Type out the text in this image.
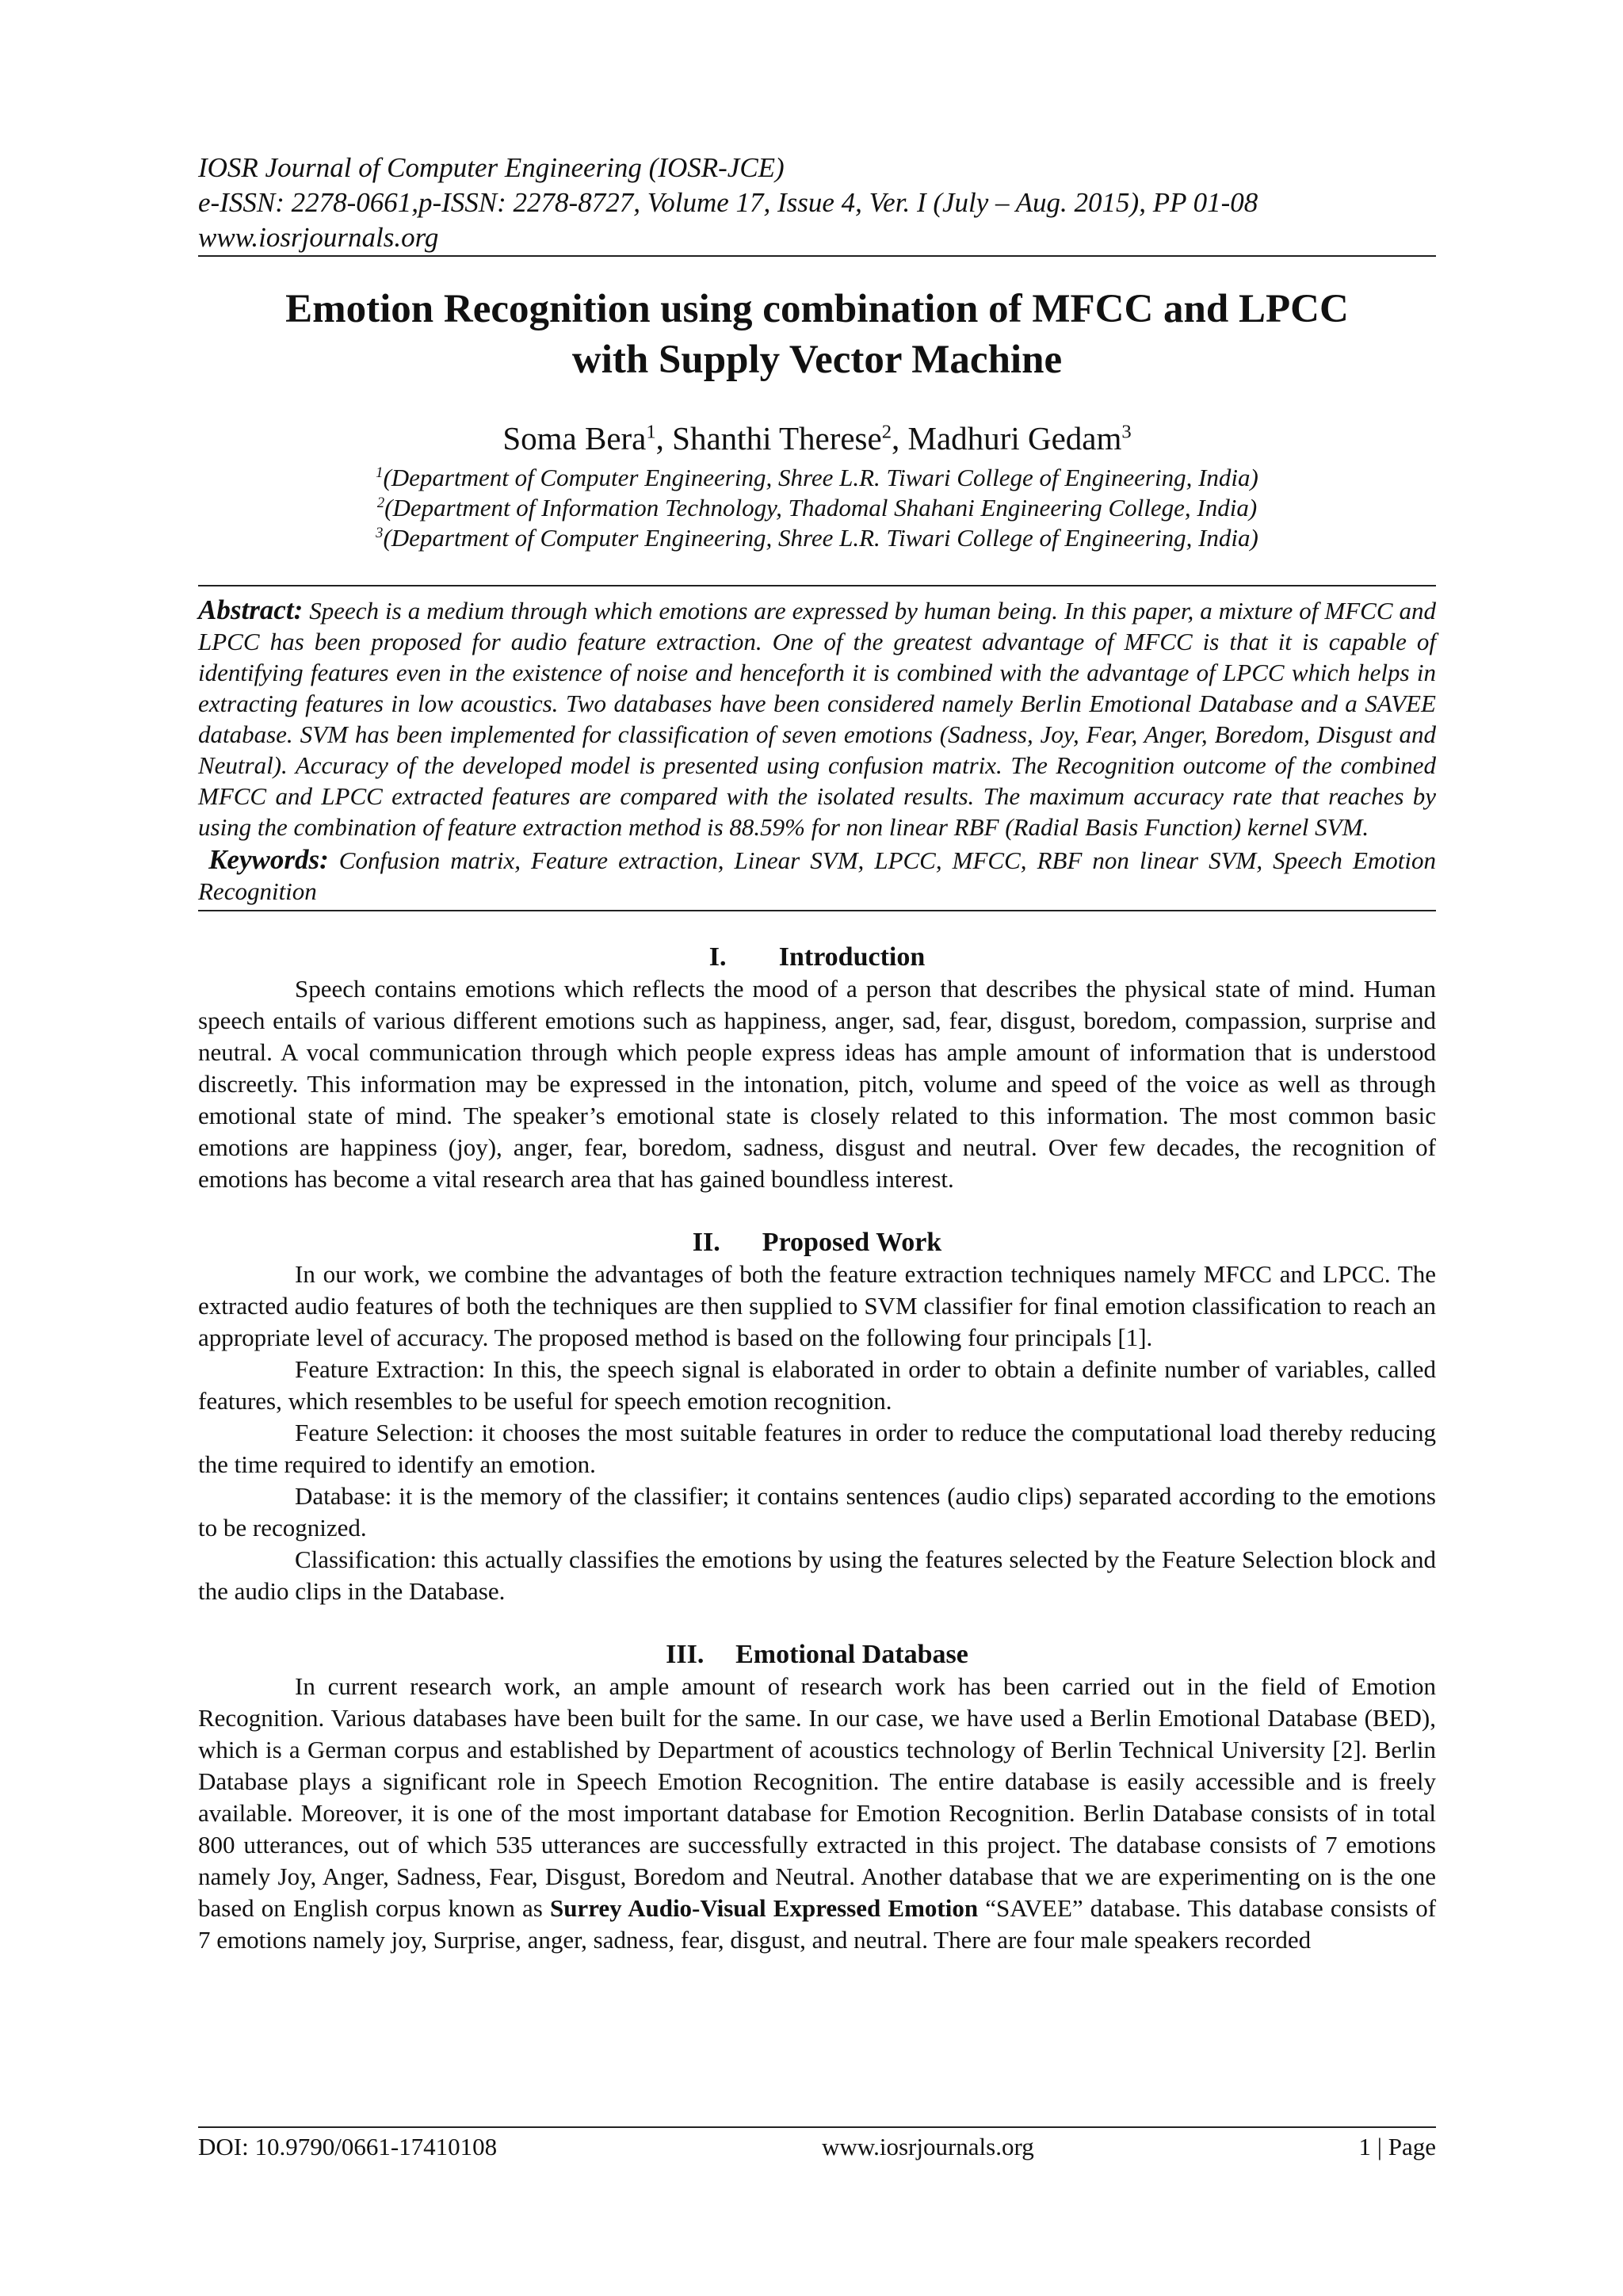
IOSR Journal of Computer Engineering (IOSR-JCE)
e-ISSN: 2278-0661,p-ISSN: 2278-8727, Volume 17, Issue 4, Ver. I (July – Aug. 2015), PP 01-08
www.iosrjournals.org
Emotion Recognition using combination of MFCC and LPCC
with Supply Vector Machine
Soma Bera$^1$, Shanthi Therese$^2$, Madhuri Gedam$^3$
$^1$(Department of Computer Engineering, Shree L.R. Tiwari College of Engineering, India)
$^2$(Department of Information Technology, Thadomal Shahani Engineering College, India)
$^3$(Department of Computer Engineering, Shree L.R. Tiwari College of Engineering, India)
Abstract: Speech is a medium through which emotions are expressed by human being. In this paper, a mixture of MFCC and LPCC has been proposed for audio feature extraction. One of the greatest advantage of MFCC is that it is capable of identifying features even in the existence of noise and henceforth it is combined with the advantage of LPCC which helps in extracting features in low acoustics. Two databases have been considered namely Berlin Emotional Database and a SAVEE database. SVM has been implemented for classification of seven emotions (Sadness, Joy, Fear, Anger, Boredom, Disgust and Neutral). Accuracy of the developed model is presented using confusion matrix. The Recognition outcome of the combined MFCC and LPCC extracted features are compared with the isolated results. The maximum accuracy rate that reaches by using the combination of feature extraction method is 88.59% for non linear RBF (Radial Basis Function) kernel SVM.
Keywords: Confusion matrix, Feature extraction, Linear SVM, LPCC, MFCC, RBF non linear SVM, Speech Emotion Recognition
I. Introduction
Speech contains emotions which reflects the mood of a person that describes the physical state of mind. Human speech entails of various different emotions such as happiness, anger, sad, fear, disgust, boredom, compassion, surprise and neutral. A vocal communication through which people express ideas has ample amount of information that is understood discreetly. This information may be expressed in the intonation, pitch, volume and speed of the voice as well as through emotional state of mind. The speaker’s emotional state is closely related to this information. The most common basic emotions are happiness (joy), anger, fear, boredom, sadness, disgust and neutral. Over few decades, the recognition of emotions has become a vital research area that has gained boundless interest.
II. Proposed Work
In our work, we combine the advantages of both the feature extraction techniques namely MFCC and LPCC. The extracted audio features of both the techniques are then supplied to SVM classifier for final emotion classification to reach an appropriate level of accuracy. The proposed method is based on the following four principals [1].
Feature Extraction: In this, the speech signal is elaborated in order to obtain a definite number of variables, called features, which resembles to be useful for speech emotion recognition.
Feature Selection: it chooses the most suitable features in order to reduce the computational load thereby reducing the time required to identify an emotion.
Database: it is the memory of the classifier; it contains sentences (audio clips) separated according to the emotions to be recognized.
Classification: this actually classifies the emotions by using the features selected by the Feature Selection block and the audio clips in the Database.
III. Emotional Database
In current research work, an ample amount of research work has been carried out in the field of Emotion Recognition. Various databases have been built for the same. In our case, we have used a Berlin Emotional Database (BED), which is a German corpus and established by Department of acoustics technology of Berlin Technical University [2]. Berlin Database plays a significant role in Speech Emotion Recognition. The entire database is easily accessible and is freely available. Moreover, it is one of the most important database for Emotion Recognition. Berlin Database consists of in total 800 utterances, out of which 535 utterances are successfully extracted in this project. The database consists of 7 emotions namely Joy, Anger, Sadness, Fear, Disgust, Boredom and Neutral. Another database that we are experimenting on is the one based on English corpus known as Surrey Audio-Visual Expressed Emotion “SAVEE” database. This database consists of 7 emotions namely joy, Surprise, anger, sadness, fear, disgust, and neutral. There are four male speakers recorded
DOI: 10.9790/0661-17410108	www.iosrjournals.org	1 | Page
